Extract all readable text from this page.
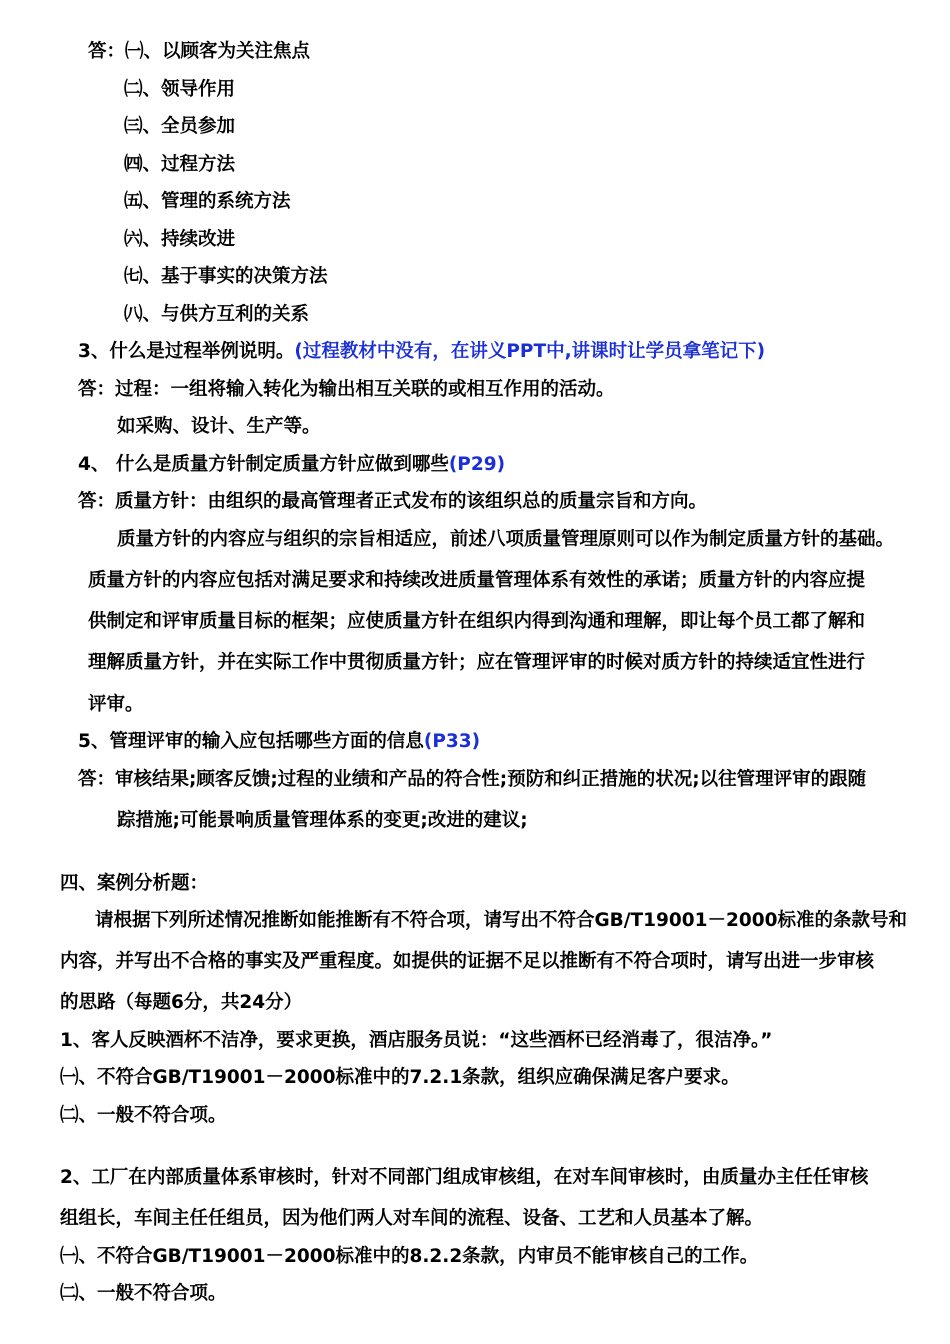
答：㈠、以顾客为关注焦点
㈡、领导作用
㈢、全员参加
㈣、过程方法
㈤、管理的系统方法
㈥、持续改进
㈦、基于事实的决策方法
㈧、与供方互利的关系
3、什么是过程举例说明。(过程教材中没有，在讲义PPT中,讲课时让学员拿笔记下)
答：过程：一组将输入转化为输出相互关联的或相互作用的活动。
如采购、设计、生产等。
4、 什么是质量方针制定质量方针应做到哪些(P29)
答：质量方针：由组织的最高管理者正式发布的该组织总的质量宗旨和方向。
质量方针的内容应与组织的宗旨相适应，前述八项质量管理原则可以作为制定质量方针的基础。
质量方针的内容应包括对满足要求和持续改进质量管理体系有效性的承诺；质量方针的内容应提
供制定和评审质量目标的框架；应使质量方针在组织内得到沟通和理解，即让每个员工都了解和
理解质量方针，并在实际工作中贯彻质量方针；应在管理评审的时候对质方针的持续适宜性进行
评审。
5、管理评审的输入应包括哪些方面的信息(P33)
答：审核结果;顾客反馈;过程的业绩和产品的符合性;预防和纠正措施的状况;以往管理评审的跟随
踪措施;可能景响质量管理体系的变更;改进的建议;
四、案例分析题：
请根据下列所述情况推断如能推断有不符合项，请写出不符合GB/T19001－2000标准的条款号和
内容，并写出不合格的事实及严重程度。如提供的证据不足以推断有不符合项时，请写出进一步审核
的思路（每题6分，共24分）
1、客人反映酒杯不洁净，要求更换，酒店服务员说：“这些酒杯已经消毒了，很洁净。”
㈠、不符合GB/T19001－2000标准中的7.2.1条款，组织应确保满足客户要求。
㈡、一般不符合项。
2、工厂在内部质量体系审核时，针对不同部门组成审核组，在对车间审核时，由质量办主任任审核
组组长，车间主任任组员，因为他们两人对车间的流程、设备、工艺和人员基本了解。
㈠、不符合GB/T19001－2000标准中的8.2.2条款，内审员不能审核自己的工作。
㈡、一般不符合项。
